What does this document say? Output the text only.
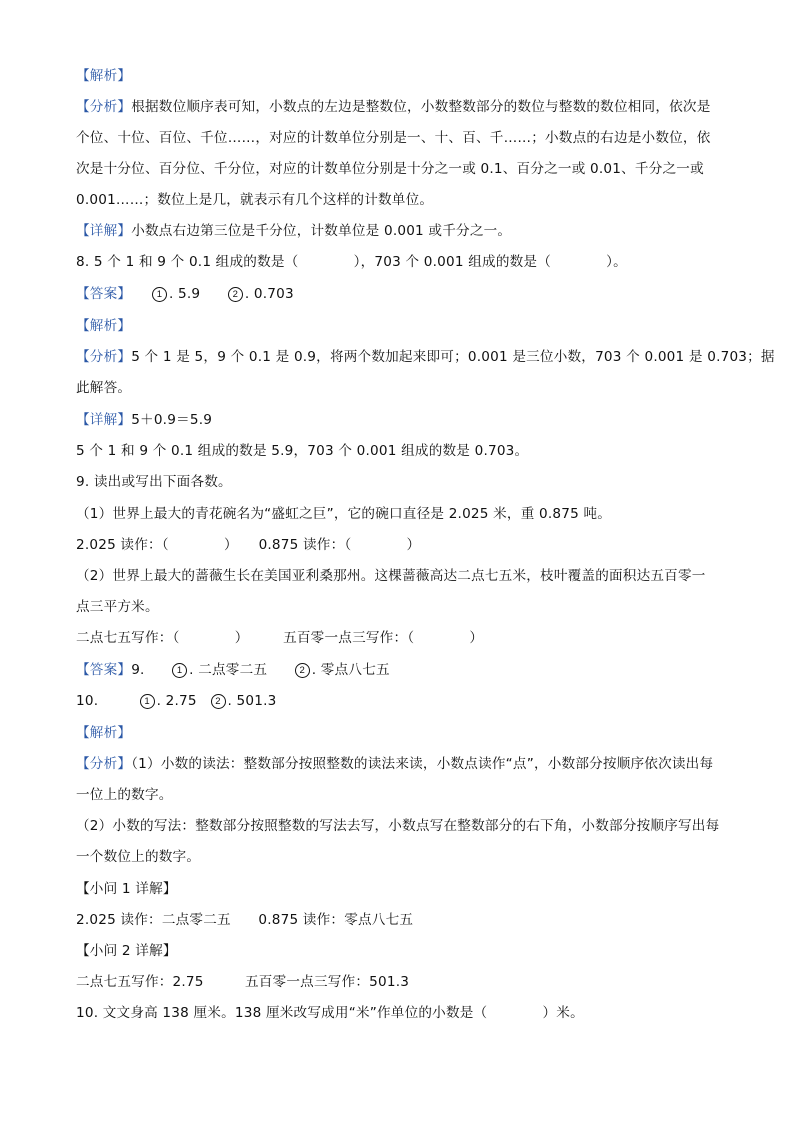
【解析】
【分析】根据数位顺序表可知，小数点的左边是整数位，小数整数部分的数位与整数的数位相同，依次是
个位、十位、百位、千位……，对应的计数单位分别是一、十、百、千……；小数点的右边是小数位，依
次是十分位、百分位、千分位，对应的计数单位分别是十分之一或 0.1、百分之一或 0.01、千分之一或
0.001……；数位上是几，就表示有几个这样的计数单位。
【详解】小数点右边第三位是千分位，计数单位是 0.001 或千分之一。
8. 5 个 1 和 9 个 0.1 组成的数是（　　　　），703 个 0.001 组成的数是（　　　　）。
【答案】　　	1 . 5.9　　2 . 0.703
【解析】
【分析】5 个 1 是 5，9 个 0.1 是 0.9，将两个数加起来即可；0.001 是三位小数，703 个 0.001 是 0.703；据
此解答。
【详解】5＋0.9＝5.9
5 个 1 和 9 个 0.1 组成的数是 5.9，703 个 0.001 组成的数是 0.703。
9. 读出或写出下面各数。
（1）世界上最大的青花碗名为“盛虹之巨”，它的碗口直径是 2.025 米，重 0.875 吨。
2.025 读作：（　　　　）　　0.875 读作：（　　　　）
（2）世界上最大的蔷薇生长在美国亚利桑那州。这棵蔷薇高达二点七五米，枝叶覆盖的面积达五百零一
点三平方米。
二点七五写作：（　　　　）　　　五百零一点三写作：（　　　　）
【答案】9.　　1 . 二点零二五　　2 . 零点八七五
10.　　　1 . 2.75　2 . 501.3
【解析】
【分析】（1）小数的读法：整数部分按照整数的读法来读，小数点读作“点”，小数部分按顺序依次读出每
一位上的数字。
（2）小数的写法：整数部分按照整数的写法去写，小数点写在整数部分的右下角，小数部分按顺序写出每
一个数位上的数字。
【小问 1 详解】
2.025 读作：二点零二五　　0.875 读作：零点八七五
【小问 2 详解】
二点七五写作：2.75　　　五百零一点三写作：501.3
10. 文文身高 138 厘米。138 厘米改写成用“米”作单位的小数是（　　　　）米。
